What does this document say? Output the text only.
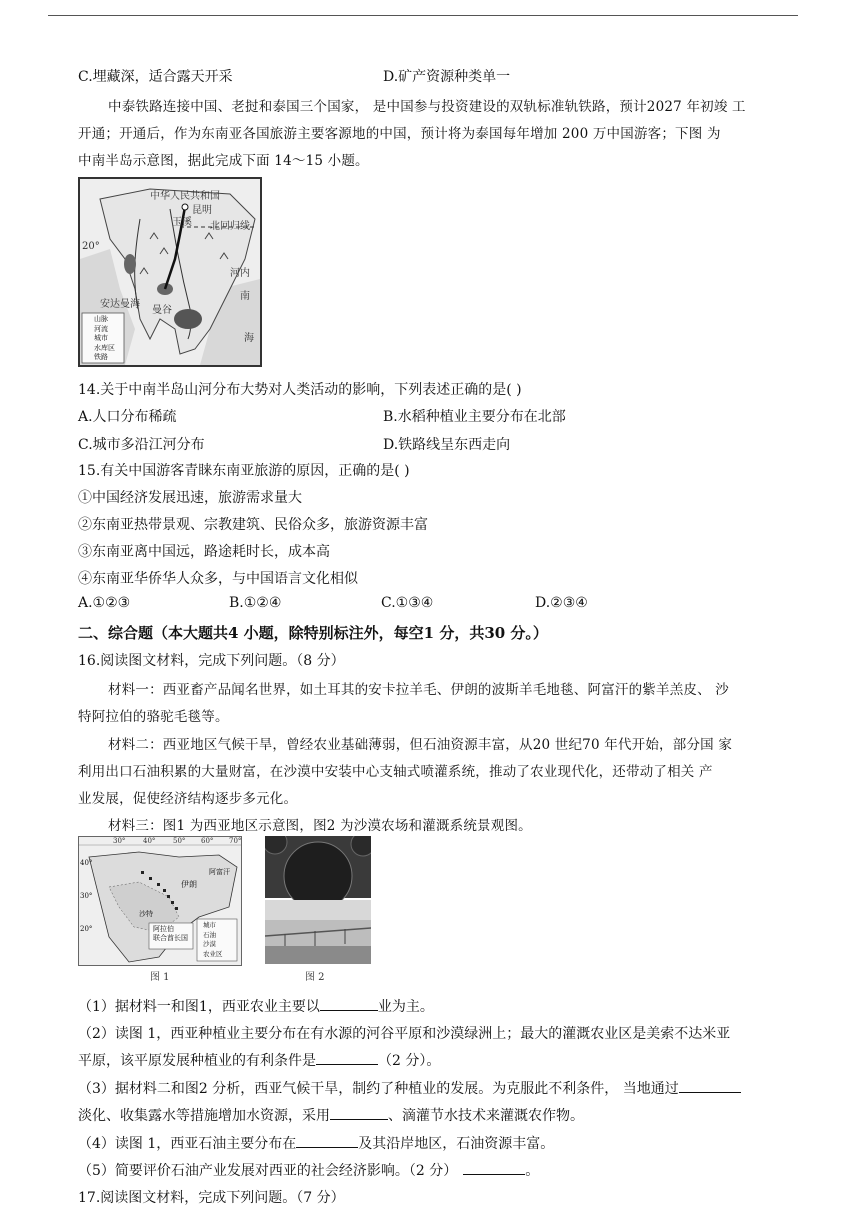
C.埋藏深，适合露天开采	D.矿产资源种类单一
中泰铁路连接中国、老挝和泰国三个国家， 是中国参与投资建设的双轨标准轨铁路，预计2027 年初竣 工
开通；开通后，作为东南亚各国旅游主要客源地的中国，预计将为泰国每年增加 200 万中国游客；下图 为
中南半岛示意图，据此完成下面 14～15 小题。
中华人民共和国
昆明
玉溪 北回归线
20°
河内
南
海
安达曼海
曼谷
山脉
河流
城市
水库区
铁路
14.关于中南半岛山河分布大势对人类活动的影响，下列表述正确的是( )
A.人口分布稀疏	B.水稻种植业主要分布在北部
C.城市多沿江河分布	D.铁路线呈东西走向
15.有关中国游客青睐东南亚旅游的原因，正确的是( )
①中国经济发展迅速，旅游需求量大
②东南亚热带景观、宗教建筑、民俗众多，旅游资源丰富
③东南亚离中国远，路途耗时长，成本高
④东南亚华侨华人众多，与中国语言文化相似
A.①②③	B.①②④	C.①③④	D.②③④
二、综合题（本大题共4 小题，除特别标注外，每空1 分，共30 分。）
16.阅读图文材料，完成下列问题。（8 分）
材料一：西亚畜产品闻名世界，如土耳其的安卡拉羊毛、伊朗的波斯羊毛地毯、阿富汗的紫羊羔皮、 沙
特阿拉伯的骆驼毛毯等。
材料二：西亚地区气候干旱，曾经农业基础薄弱，但石油资源丰富，从20 世纪70 年代开始，部分国 家
利用出口石油积累的大量财富，在沙漠中安装中心支轴式喷灌系统，推动了农业现代化，还带动了相关 产
业发展，促使经济结构逐步多元化。
材料三：图1 为西亚地区示意图，图2 为沙漠农场和灌溉系统景观图。
30°	40°	50° 60° 70°
40°
30°
20°
伊朗
阿富汗
沙特
阿拉伯
联合酋长国
城市
石油
沙漠
农业区
图 1	图 2
（1）据材料一和图1，西亚农业主要以	业为主。
（2）读图 1，西亚种植业主要分布在有水源的河谷平原和沙漠绿洲上；最大的灌溉农业区是美索不达米亚
平原，该平原发展种植业的有利条件是	（2 分）。
（3）据材料二和图2 分析，西亚气候干旱，制约了种植业的发展。为克服此不利条件， 当地通过
淡化、收集露水等措施增加水资源，采用	、滴灌节水技术来灌溉农作物。
（4）读图 1，西亚石油主要分布在	及其沿岸地区，石油资源丰富。
（5）简要评价石油产业发展对西亚的社会经济影响。（2 分）	。
17.阅读图文材料，完成下列问题。（7 分）
